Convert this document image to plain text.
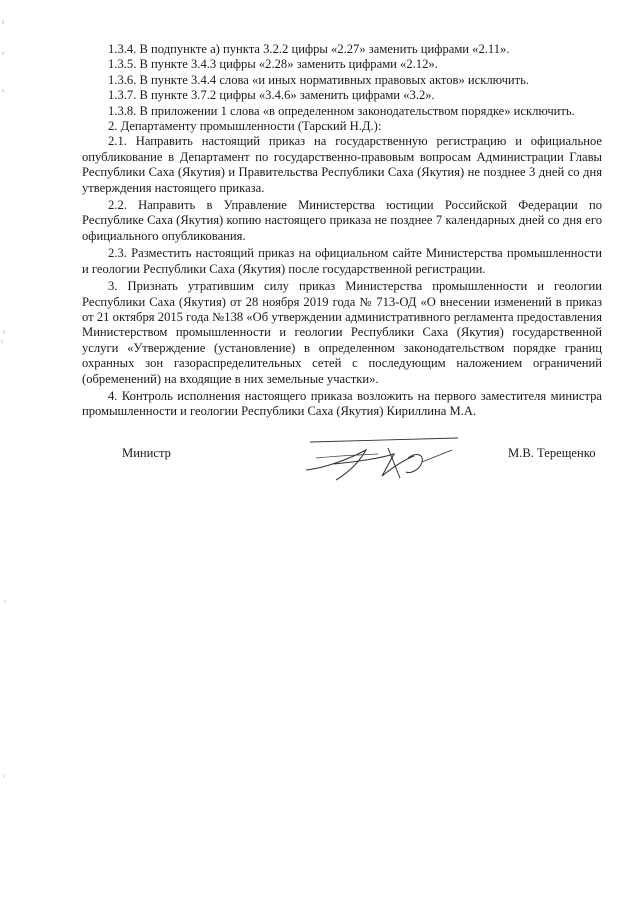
1.3.4. В подпункте а) пункта 3.2.2 цифры «2.27» заменить цифрами «2.11».

1.3.5. В пункте 3.4.3 цифры «2.28» заменить цифрами «2.12».

1.3.6. В пункте 3.4.4 слова «и иных нормативных правовых актов» исключить.

1.3.7. В пункте 3.7.2 цифры «3.4.6» заменить цифрами «3.2».

1.3.8. В приложении 1 слова «в определенном законодательством порядке» исключить.

2. Департаменту промышленности (Тарский Н.Д.):

2.1. Направить настоящий приказ на государственную регистрацию и официальное опубликование в Департамент по государственно-правовым вопросам Администрации Главы Республики Саха (Якутия) и Правительства Республики Саха (Якутия) не позднее 3 дней со дня утверждения настоящего приказа.

2.2. Направить в Управление Министерства юстиции Российской Федерации по Республике Саха (Якутия) копию настоящего приказа не позднее 7 календарных дней со дня его официального опубликования.

2.3. Разместить настоящий приказ на официальном сайте Министерства промышленности и геологии Республики Саха (Якутия) после государственной регистрации.

3. Признать утратившим силу приказ Министерства промышленности и геологии Республики Саха (Якутия) от 28 ноября 2019 года № 713-ОД «О внесении изменений в приказ от 21 октября 2015 года №138 «Об утверждении административного регламента предоставления Министерством промышленности и геологии Республики Саха (Якутия) государственной услуги «Утверждение (установление) в определенном законодательством порядке границ охранных зон газораспределительных сетей с последующим наложением ограничений (обременений) на входящие в них земельные участки».

4. Контроль исполнения настоящего приказа возложить на первого заместителя министра промышленности и геологии Республики Саха (Якутия) Кириллина М.А.

Министр	М.В. Терещенко
